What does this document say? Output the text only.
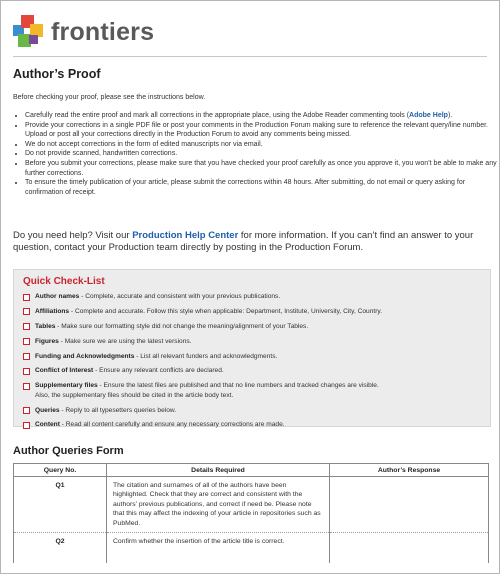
frontiers
Author’s Proof
Before checking your proof, please see the instructions below.
• Carefully read the entire proof and mark all corrections in the appropriate place, using the Adobe Reader commenting tools (Adobe Help).
• Provide your corrections in a single PDF file or post your comments in the Production Forum making sure to reference the relevant query/line number. Upload or post all your corrections directly in the Production Forum to avoid any comments being missed.
• We do not accept corrections in the form of edited manuscripts nor via email.
• Do not provide scanned, handwritten corrections.
• Before you submit your corrections, please make sure that you have checked your proof carefully as once you approve it, you won’t be able to make any further corrections.
• To ensure the timely publication of your article, please submit the corrections within 48 hours. After submitting, do not email or query asking for confirmation of receipt.
Do you need help? Visit our Production Help Center for more information. If you can’t find an answer to your question, contact your Production team directly by posting in the Production Forum.
Quick Check-List
Author names - Complete, accurate and consistent with your previous publications.
Affiliations - Complete and accurate. Follow this style when applicable: Department, Institute, University, City, Country.
Tables - Make sure our formatting style did not change the meaning/alignment of your Tables.
Figures - Make sure we are using the latest versions.
Funding and Acknowledgments - List all relevant funders and acknowledgments.
Conflict of Interest - Ensure any relevant conflicts are declared.
Supplementary files - Ensure the latest files are published and that no line numbers and tracked changes are visible.
Also, the supplementary files should be cited in the article body text.
Queries - Reply to all typesetters queries below.
Content - Read all content carefully and ensure any necessary corrections are made.
Author Queries Form
Query No.	Details Required	Author’s Response
Q1	The citation and surnames of all of the authors have been highlighted. Check that they are correct and consistent with the authors’ previous publications, and correct if need be. Please note that this may affect the indexing of your article in repositories such as PubMed.	
Q2	Confirm whether the insertion of the article title is correct.	
